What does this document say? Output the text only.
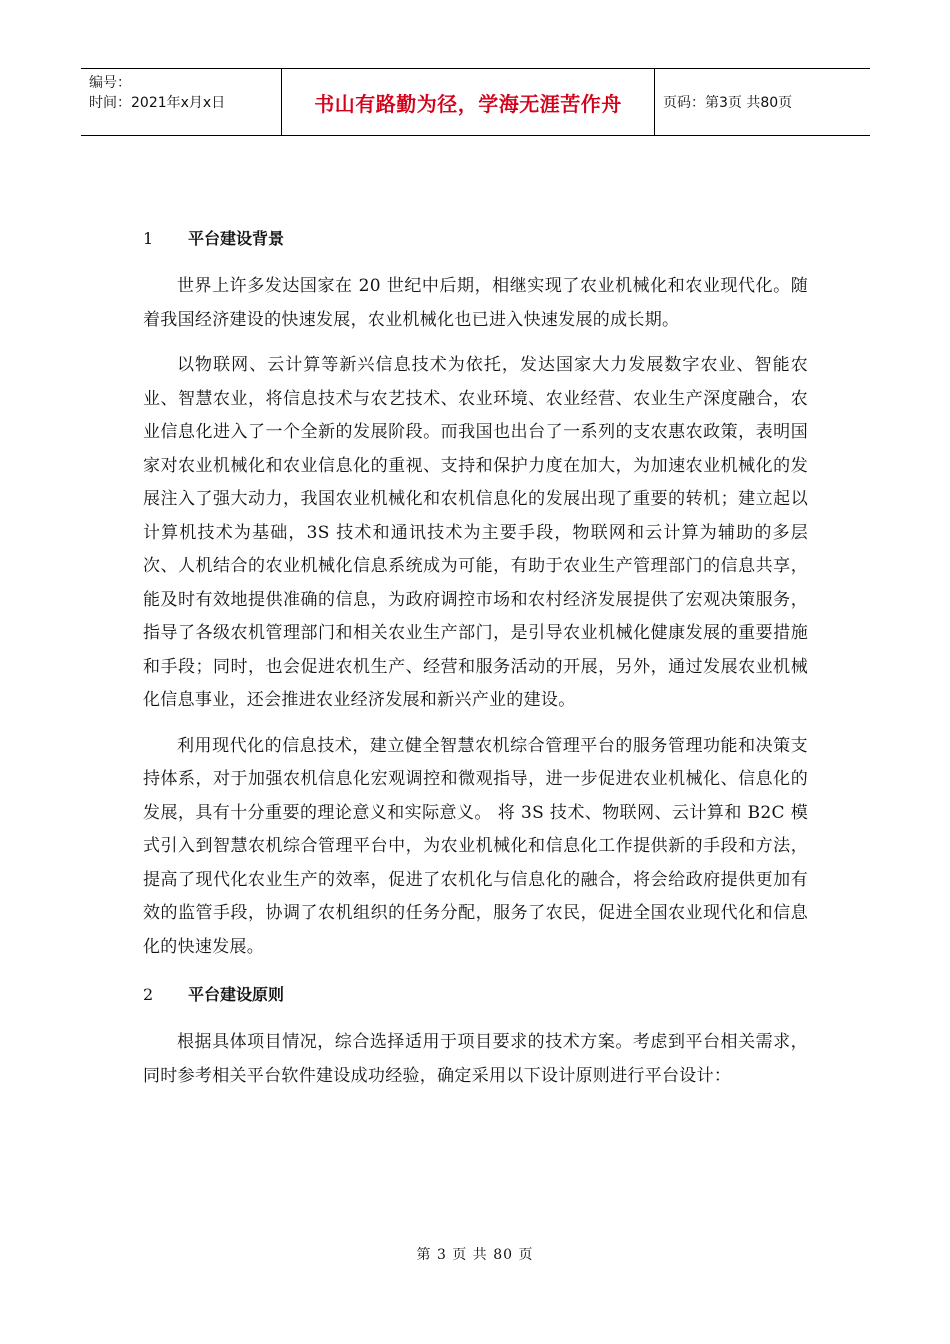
编号：
时间：2021年x月x日	书山有路勤为径，学海无涯苦作舟	页码：第3页 共80页
1	平台建设背景

世界上许多发达国家在 20 世纪中后期，相继实现了农业机械化和农业现代化。随着我国经济建设的快速发展，农业机械化也已进入快速发展的成长期。

以物联网、云计算等新兴信息技术为依托，发达国家大力发展数字农业、智能农业、智慧农业，将信息技术与农艺技术、农业环境、农业经营、农业生产深度融合，农业信息化进入了一个全新的发展阶段。而我国也出台了一系列的支农惠农政策，表明国家对农业机械化和农业信息化的重视、支持和保护力度在加大，为加速农业机械化的发展注入了强大动力，我国农业机械化和农机信息化的发展出现了重要的转机；建立起以计算机技术为基础，3S 技术和通讯技术为主要手段，物联网和云计算为辅助的多层次、人机结合的农业机械化信息系统成为可能，有助于农业生产管理部门的信息共享，能及时有效地提供准确的信息，为政府调控市场和农村经济发展提供了宏观决策服务，指导了各级农机管理部门和相关农业生产部门，是引导农业机械化健康发展的重要措施和手段；同时，也会促进农机生产、经营和服务活动的开展，另外，通过发展农业机械化信息事业，还会推进农业经济发展和新兴产业的建设。

利用现代化的信息技术，建立健全智慧农机综合管理平台的服务管理功能和决策支持体系，对于加强农机信息化宏观调控和微观指导，进一步促进农业机械化、信息化的发展，具有十分重要的理论意义和实际意义。 将 3S 技术、物联网、云计算和 B2C 模式引入到智慧农机综合管理平台中，为农业机械化和信息化工作提供新的手段和方法，提高了现代化农业生产的效率，促进了农机化与信息化的融合，将会给政府提供更加有效的监管手段，协调了农机组织的任务分配，服务了农民，促进全国农业现代化和信息化的快速发展。

2	平台建设原则

根据具体项目情况，综合选择适用于项目要求的技术方案。考虑到平台相关需求，同时参考相关平台软件建设成功经验，确定采用以下设计原则进行平台设计：

第 3 页 共 80 页
